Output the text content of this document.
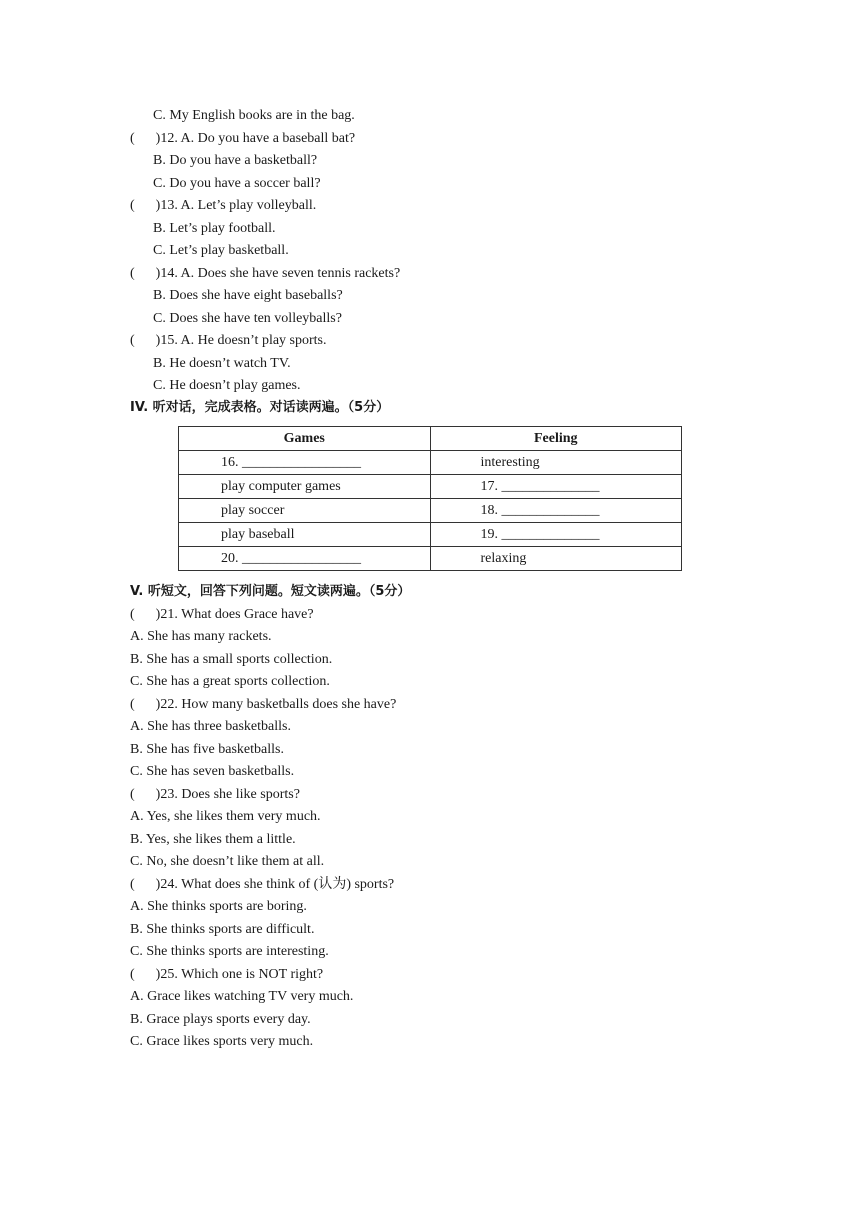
C. My English books are in the bag.
(      )12. A. Do you have a baseball bat?
B. Do you have a basketball?
C. Do you have a soccer ball?
(      )13. A. Let’s play volleyball.
B. Let’s play football.
C. Let’s play basketball.
(      )14. A. Does she have seven tennis rackets?
B. Does she have eight baseballs?
C. Does she have ten volleyballs?
(      )15. A. He doesn’t play sports.
B. He doesn’t watch TV.
C. He doesn’t play games.
IV. 听对话，完成表格。对话读两遍。（5分）
Games	Feeling
16. _________________	interesting
play computer games	17. ______________
play soccer	18. ______________
play baseball	19. ______________
20. _________________	relaxing
V. 听短文，回答下列问题。短文读两遍。（5分）
(      )21. What does Grace have?
A. She has many rackets.
B. She has a small sports collection.
C. She has a great sports collection.
(      )22. How many basketballs does she have?
A. She has three basketballs.
B. She has five basketballs.
C. She has seven basketballs.
(      )23. Does she like sports?
A. Yes, she likes them very much.
B. Yes, she likes them a little.
C. No, she doesn’t like them at all.
(      )24. What does she think of (认为) sports?
A. She thinks sports are boring.
B. She thinks sports are difficult.
C. She thinks sports are interesting.
(      )25. Which one is NOT right?
A. Grace likes watching TV very much.
B. Grace plays sports every day.
C. Grace likes sports very much.
